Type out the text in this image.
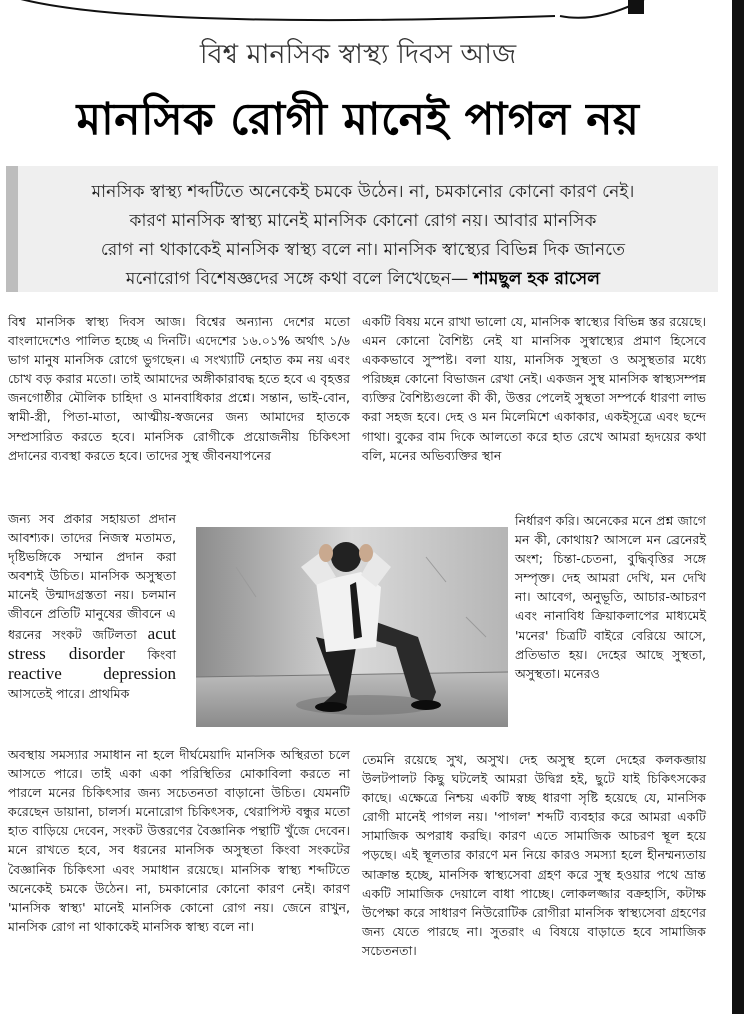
বিশ্ব মানসিক স্বাস্থ্য দিবস আজ
মানসিক রোগী মানেই পাগল নয়
মানসিক স্বাস্থ্য শব্দটিতে অনেকেই চমকে উঠেন। না, চমকানোর কোনো কারণ নেই।
কারণ মানসিক স্বাস্থ্য মানেই মানসিক কোনো রোগ নয়। আবার মানসিক
রোগ না থাকাকেই মানসিক স্বাস্থ্য বলে না। মানসিক স্বাস্থ্যের বিভিন্ন দিক জানতে
মনোরোগ বিশেষজ্ঞদের সঙ্গে কথা বলে লিখেছেন— শামছুল হক রাসেল

বিশ্ব মানসিক স্বাস্থ্য দিবস আজ। বিশ্বের অন্যান্য দেশের মতো বাংলাদেশেও পালিত হচ্ছে এ দিনটি। এদেশের ১৬.০১% অর্থাৎ ১/৬ ভাগ মানুষ মানসিক রোগে ভুগছেন। এ সংখ্যাটি নেহাত কম নয় এবং চোখ বড় করার মতো। তাই আমাদের অঙ্গীকারাবদ্ধ হতে হবে এ বৃহত্তর জনগোষ্ঠীর মৌলিক চাহিদা ও মানবাধিকার প্রশ্নে। সন্তান, ভাই-বোন, স্বামী-স্ত্রী, পিতা-মাতা, আত্মীয়-স্বজনের জন্য আমাদের হাতকে সম্প্রসারিত করতে হবে। মানসিক রোগীকে প্রয়োজনীয় চিকিৎসা প্রদানের ব্যবস্থা করতে হবে। তাদের সুস্থ জীবনযাপনের

জন্য সব প্রকার সহায়তা প্রদান আবশ্যক। তাদের নিজস্ব মতামত, দৃষ্টিভঙ্গিকে সম্মান প্রদান করা অবশ্যই উচিত। মানসিক অসুস্থতা মানেই উন্মাদগ্রস্ততা নয়। চলমান জীবনে প্রতিটি মানুষের জীবনে এ ধরনের সংকট জটিলতা acut stress disorder কিংবা reactive depression আসতেই পারে। প্রাথমিক

অবস্থায় সমস্যার সমাধান না হলে দীর্ঘমেয়াদি মানসিক অস্থিরতা চলে আসতে পারে। তাই একা একা পরিস্থিতির মোকাবিলা করতে না পারলে মনের চিকিৎসার জন্য সচেতনতা বাড়ানো উচিত। যেমনটি করেছেন ডায়ানা, চালর্স। মনোরোগ চিকিৎসক, থেরাপিস্ট বন্ধুর মতো হাত বাড়িয়ে দেবেন, সংকট উত্তরণের বৈজ্ঞানিক পন্থাটি খুঁজে দেবেন। মনে রাখতে হবে, সব ধরনের মানসিক অসুস্থতা কিংবা সংকটের বৈজ্ঞানিক চিকিৎসা এবং সমাধান রয়েছে। মানসিক স্বাস্থ্য শব্দটিতে অনেকেই চমকে উঠেন। না, চমকানোর কোনো কারণ নেই। কারণ 'মানসিক স্বাস্থ্য' মানেই মানসিক কোনো রোগ নয়। জেনে রাখুন, মানসিক রোগ না থাকাকেই মানসিক স্বাস্থ্য বলে না।

একটি বিষয় মনে রাখা ভালো যে, মানসিক স্বাস্থ্যের বিভিন্ন স্তর রয়েছে। এমন কোনো বৈশিষ্ট্য নেই যা মানসিক সুস্বাস্থ্যের প্রমাণ হিসেবে এককভাবে সুস্পষ্ট। বলা যায়, মানসিক সুস্থতা ও অসুস্থতার মধ্যে পরিচ্ছন্ন কোনো বিভাজন রেখা নেই। একজন সুস্থ মানসিক স্বাস্থ্যসম্পন্ন ব্যক্তির বৈশিষ্ট্যগুলো কী কী, উত্তর পেলেই সুস্থতা সম্পর্কে ধারণা লাভ করা সহজ হবে। দেহ ও মন মিলেমিশে একাকার, একইসূত্রে এবং ছন্দে গাথা। বুকের বাম দিকে আলতো করে হাত রেখে আমরা হৃদয়ের কথা বলি, মনের অভিব্যক্তির স্থান

নির্ধারণ করি। অনেকের মনে প্রশ্ন জাগে মন কী, কোথায়? আসলে মন ব্রেনেরই অংশ; চিন্তা-চেতনা, বুদ্ধিবৃত্তির সঙ্গে সম্পৃক্ত। দেহ আমরা দেখি, মন দেখি না। আবেগ, অনুভূতি, আচার-আচরণ এবং নানাবিধ ক্রিয়াকলাপের মাধ্যমেই 'মনের' চিত্রটি বাইরে বেরিয়ে আসে, প্রতিভাত হয়। দেহের আছে সুস্থতা, অসুস্থতা। মনেরও

তেমনি রয়েছে সুখ, অসুখ। দেহ অসুস্থ হলে দেহের কলকব্জায় উলটপালট কিছু ঘটলেই আমরা উদ্বিগ্ন হই, ছুটে যাই চিকিৎসকের কাছে। এক্ষেত্রে নিশ্চয় একটি স্বচ্ছ ধারণা সৃষ্টি হয়েছে যে, মানসিক রোগী মানেই পাগল নয়। 'পাগল' শব্দটি ব্যবহার করে আমরা একটি সামাজিক অপরাধ করছি। কারণ এতে সামাজিক আচরণ স্থূল হয়ে পড়ছে। এই স্থূলতার কারণে মন নিয়ে কারও সমস্যা হলে হীনম্মন্যতায় আক্রান্ত হচ্ছে, মানসিক স্বাস্থ্যসেবা গ্রহণ করে সুস্থ হওয়ার পথে ভ্রান্ত একটি সামাজিক দেয়ালে বাধা পাচ্ছে। লোকলজ্জার বক্রহাসি, কটাক্ষ উপেক্ষা করে সাধারণ নিউরোটিক রোগীরা মানসিক স্বাস্থ্যসেবা গ্রহণের জন্য যেতে পারছে না। সুতরাং এ বিষয়ে বাড়াতে হবে সামাজিক সচেতনতা।
